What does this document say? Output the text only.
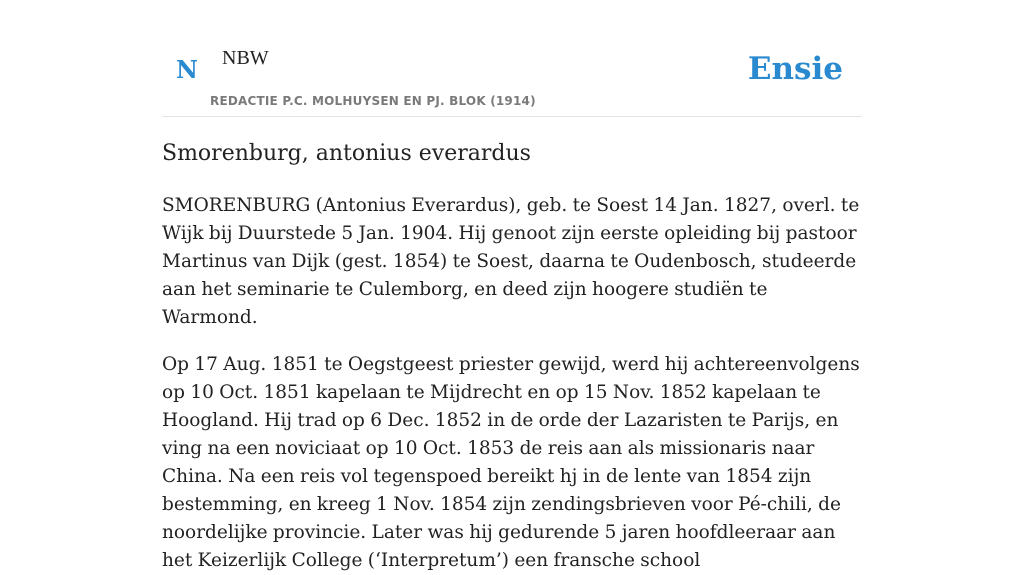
N NBW
REDACTIE P.C. MOLHUYSEN EN PJ. BLOK (1914)
Ensie
Smorenburg, antonius everardus

SMORENBURG (Antonius Everardus), geb. te Soest 14 Jan. 1827, overl. te Wijk bij Duurstede 5 Jan. 1904. Hij genoot zijn eerste opleiding bij pastoor Martinus van Dijk (gest. 1854) te Soest, daarna te Oudenbosch, studeerde aan het seminarie te Culemborg, en deed zijn hoogere studiën te Warmond.

Op 17 Aug. 1851 te Oegstgeest priester gewijd, werd hij achtereenvolgens op 10 Oct. 1851 kapelaan te Mijdrecht en op 15 Nov. 1852 kapelaan te Hoogland. Hij trad op 6 Dec. 1852 in de orde der Lazaristen te Parijs, en ving na een noviciaat op 10 Oct. 1853 de reis aan als missionaris naar China. Na een reis vol tegenspoed bereikt hj in de lente van 1854 zijn bestemming, en kreeg 1 Nov. 1854 zijn zendingsbrieven voor Pé-chili, de noordelijke provincie. Later was hij gedurende 5 jaren hoofdleeraar aan het Keizerlijk College (‘Interpretum’) een fransche school
